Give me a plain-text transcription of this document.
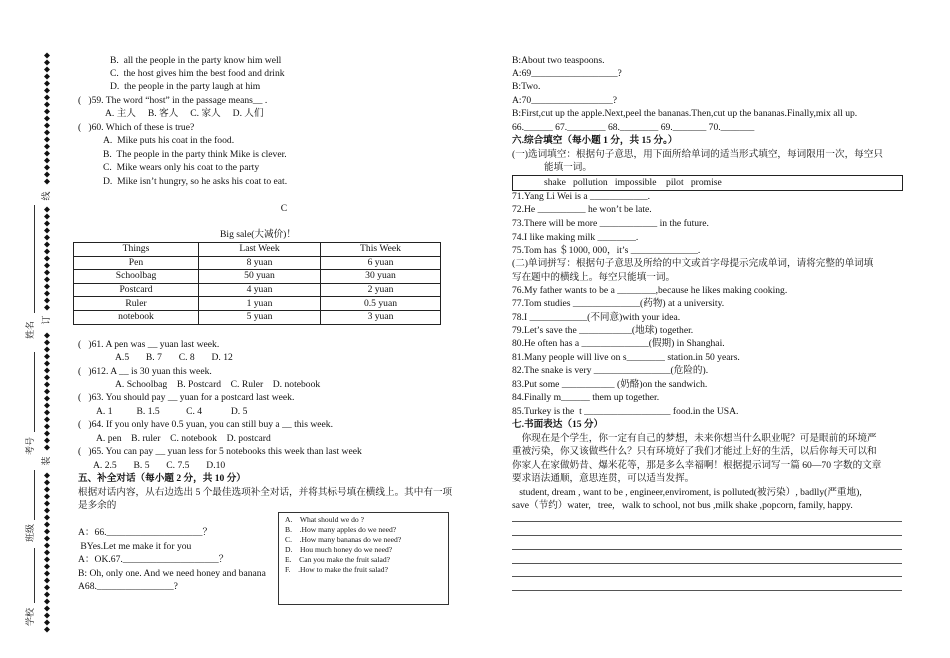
线
订
装
姓名
考号
班级
学校
B.  all the people in the party know him well
C.  the host gives him the best food and drink
D.  the people in the party laugh at him
(   )59. The word “host” in the passage means__ .
A. 主人     B. 客人     C. 家人     D. 人们
(   )60. Which of these is true?
A.  Mike puts his coat in the food.
B.  The people in the party think Mike is clever.
C.  Mike wears only his coat to the party
D.  Mike isn’t hungry, so he asks his coat to eat.
C
Big sale(大减价)！
Things	Last Week	This Week
Pen	8 yuan	6 yuan
Schoolbag	50 yuan	30 yuan
Postcard	4 yuan	2 yuan
Ruler	1 yuan	0.5 yuan
notebook	5 yuan	3 yuan
(   )61. A pen was __ yuan last week.
A.5       B. 7       C. 8       D. 12
(   )612. A __ is 30 yuan this week.
A. Schoolbag    B. Postcard    C. Ruler    D. notebook
(   )63. You should pay __ yuan for a postcard last week.
A. 1          B. 1.5           C. 4            D. 5
(   )64. If you only have 0.5 yuan, you can still buy a __ this week.
A. pen    B. ruler    C. notebook    D. postcard
(   )65. You can pay __ yuan less for 5 notebooks this week than last week
A. 2.5       B. 5       C. 7.5       D.10
五、补全对话（每小题 2 分，共 10 分）
根据对话内容，从右边选出 5 个最佳选项补全对话，并将其标号填在横线上。其中有一项
是多余的
A：66.____________________？
BYes.Let me make it for you
A：OK.67.____________________？
B: Oh, only one. And we need honey and banana
A68.________________?
A.    What should we do ?
B.    .How many apples do we need?
C.    .How many bananas do we need?
D.    Hou much honey do we need?
E.    Can you make the fruit salad?
F.    .How to make the fruit salad?
B:About two teaspoons.
A:69__________________?
B:Two.
A:70_________________?
B:First,cut up the apple.Next,peel the bananas.Then,cut up the bananas.Finally,mix all up.
66.______ 67.________ 68.________ 69._______ 70._______
六.综合填空（每小题 1 分，共 15 分。）
(一)选词填空：根据句子意思，用下面所给单词的适当形式填空，每词限用一次，每空只
能填一词。
shake   pollution   impossible    pilot   promise
71.Yang Li Wei is a ____________.
72.He __________ he won’t be late.
73.There will be more ____________ in the future.
74.I like making milk ________.
75.Tom has ＄1000, 000，it’s ______________.
(二)单词拼写：根据句子意思及所给的中文或首字母提示完成单词，请将完整的单词填
写在题中的横线上。每空只能填一词。
76.My father wants to be a ________,because he likes making cooking.
77.Tom studies ______________(药物) at a university.
78.I ____________(不同意)with your idea.
79.Let’s save the ___________(地球) together.
80.He often has a ______________(假期) in Shanghai.
81.Many people will live on s________ station.in 50 years.
82.The snake is very ________________(危险的).
83.Put some ___________ (奶酪)on the sandwich.
84.Finally m______ them up together.
85.Turkey is the  t __________________ food.in the USA.
七.书面表达（15 分）
你现在是个学生，你一定有自己的梦想，未来你想当什么职业呢？可是眼前的环境严
重被污染，你又该做些什么？只有环境好了我们才能过上好的生活，以后你每天可以和
你家人在家做奶昔、爆米花等，那是多么幸福啊！根据提示词写一篇 60—70 字数的文章
要求语法通顺，意思连贯，可以适当发挥。
student, dream , want to be , engineer,enviroment, is polluted(被污染）, badlly(严重地),
save（节约）water,   tree,   walk to school, not bus ,milk shake ,popcorn, family, happy.
